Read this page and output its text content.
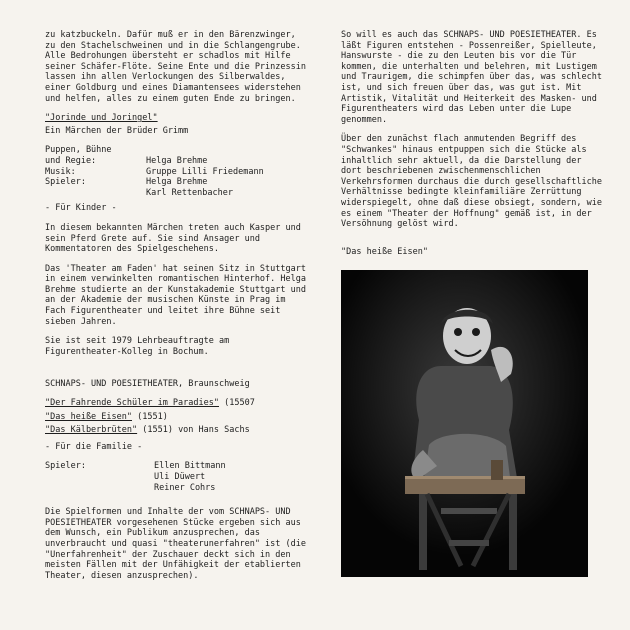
zu katzbuckeln. Dafür muß er in den Bärenzwinger, zu den Stachelschweinen und in die Schlangengrube. Alle Bedrohungen übersteht er schadlos mit Hilfe seiner Schäfer-Flöte. Seine Ente und die Prinzessin lassen ihn allen Verlockungen des Silberwaldes, einer Goldburg und eines Diamantensees widerstehen und helfen, alles zu einem guten Ende zu bringen.

"Jorinde und Joringel"

Ein Märchen der Brüder Grimm

Puppen, Bühne
und Regie:	Helga Brehme
Musik:	Gruppe Lilli Friedemann
Spieler:	Helga Brehme
Karl Rettenbacher

- Für Kinder -

In diesem bekannten Märchen treten auch Kasper und sein Pferd Grete auf. Sie sind Ansager und Kommentatoren des Spielgeschehens.

Das 'Theater am Faden' hat seinen Sitz in Stuttgart in einem verwinkelten romantischen Hinterhof. Helga Brehme studierte an der Kunstakademie Stuttgart und an der Akademie der musischen Künste in Prag im Fach Figurentheater und leitet ihre Bühne seit sieben Jahren.

Sie ist seit 1979 Lehrbeauftragte am Figurentheater-Kolleg in Bochum.

SCHNAPS- UND POESIETHEATER, Braunschweig

"Der Fahrende Schüler im Paradies" (15507

"Das heiße Eisen" (1551)

"Das Kälberbrüten" (1551) von Hans Sachs

- Für die Familie -

Spieler:	Ellen Bittmann
Uli Düwert
Reiner Cohrs

Die Spielformen und Inhalte der vom SCHNAPS- UND POESIETHEATER vorgesehenen Stücke ergeben sich aus dem Wunsch, ein Publikum anzusprechen, das unverbraucht und quasi "theaterunerfahren" ist (die "Unerfahrenheit" der Zuschauer deckt sich in den meisten Fällen mit der Unfähigkeit der etablierten Theater, diesen anzusprechen).

So will es auch das SCHNAPS- UND POESIETHEATER. Es läßt Figuren entstehen - Possenreißer, Spielleute, Hanswurste - die zu den Leuten bis vor die Tür kommen, die unterhalten und belehren, mit Lustigem und Traurigem, die schimpfen über das, was schlecht ist, und sich freuen über das, was gut ist. Mit Artistik, Vitalität und Heiterkeit des Masken- und Figurentheaters wird das Leben unter die Lupe genommen.

Über den zunächst flach anmutenden Begriff des "Schwankes" hinaus entpuppen sich die Stücke als inhaltlich sehr aktuell, da die Darstellung der dort beschriebenen zwischenmenschlichen Verkehrsformen durchaus die durch gesellschaftliche Verhältnisse bedingte kleinfamiliäre Zerrüttung widerspiegelt, ohne daß diese obsiegt, sondern, wie es einem "Theater der Hoffnung" gemäß ist, in der Versöhnung gelöst wird.

"Das heiße Eisen"
